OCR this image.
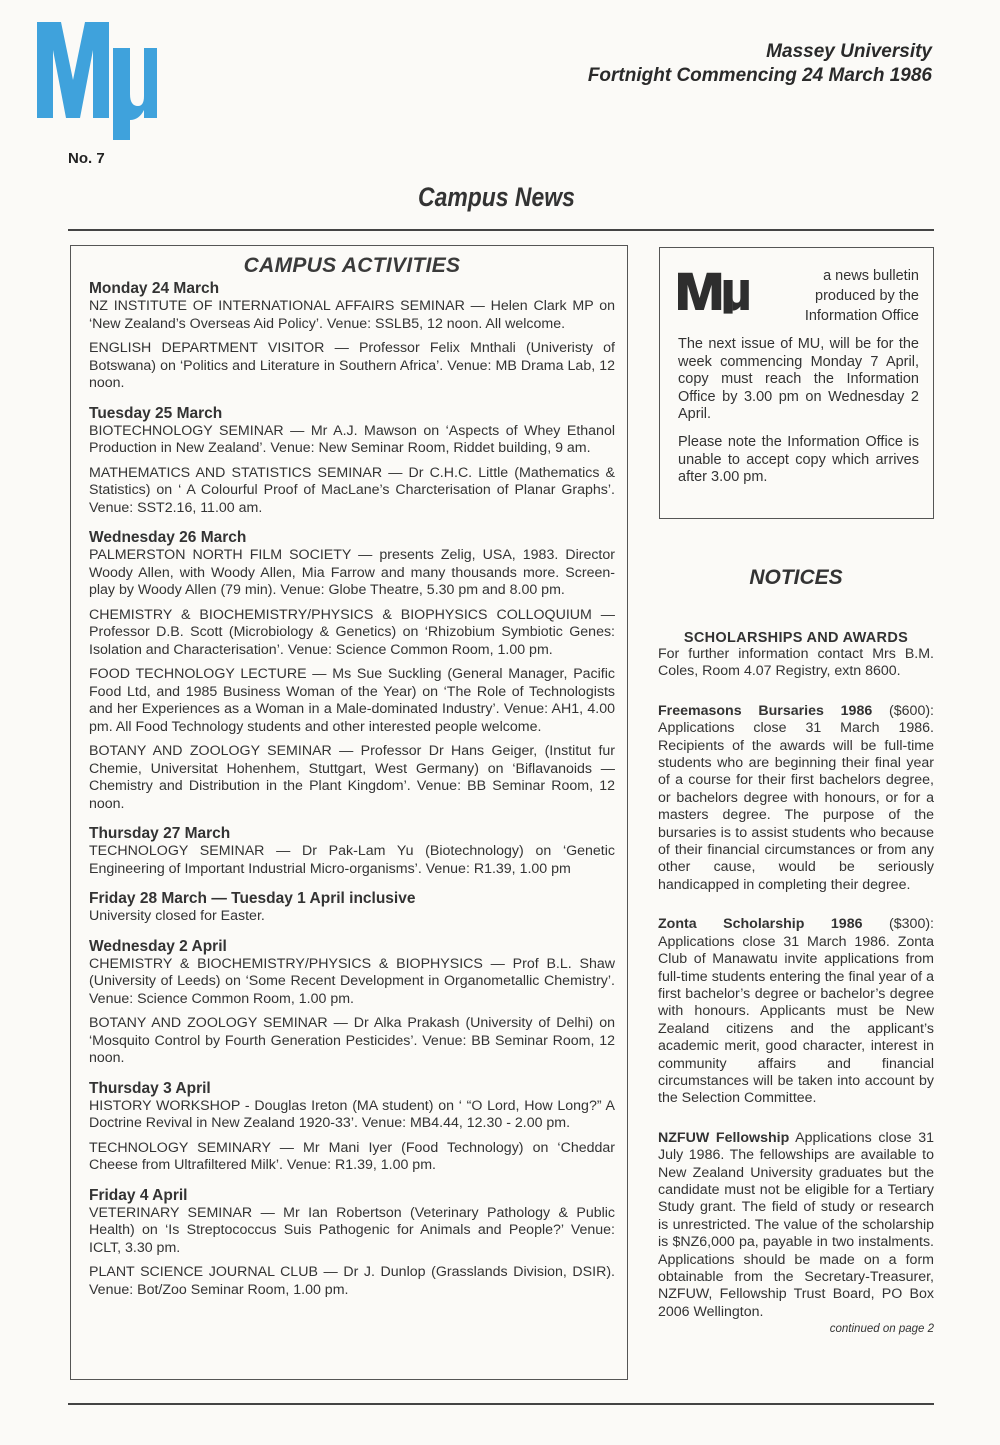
No. 7
Massey University
Fortnight Commencing 24 March 1986
Campus News
CAMPUS ACTIVITIES
Monday 24 March
NZ INSTITUTE OF INTERNATIONAL AFFAIRS SEMINAR — Helen Clark MP on ‘New Zealand’s Overseas Aid Policy’. Venue: SSLB5, 12 noon. All welcome.
ENGLISH DEPARTMENT VISITOR — Professor Felix Mnthali (Univeristy of Botswana) on ‘Politics and Literature in Southern Africa’. Venue: MB Drama Lab, 12 noon.
Tuesday 25 March
BIOTECHNOLOGY SEMINAR — Mr A.J. Mawson on ‘Aspects of Whey Ethanol Production in New Zealand’. Venue: New Seminar Room, Riddet building, 9 am.
MATHEMATICS AND STATISTICS SEMINAR — Dr C.H.C. Little (Mathematics & Statistics) on ‘ A Colourful Proof of MacLane’s Charcterisation of Planar Graphs’. Venue: SST2.16, 11.00 am.
Wednesday 26 March
PALMERSTON NORTH FILM SOCIETY — presents Zelig, USA, 1983. Director Woody Allen, with Woody Allen, Mia Farrow and many thousands more. Screen-play by Woody Allen (79 min). Venue: Globe Theatre, 5.30 pm and 8.00 pm.
CHEMISTRY & BIOCHEMISTRY/PHYSICS & BIOPHYSICS COLLOQUIUM — Professor D.B. Scott (Microbiology & Genetics) on ‘Rhizobium Symbiotic Genes: Isolation and Characterisation’. Venue: Science Common Room, 1.00 pm.
FOOD TECHNOLOGY LECTURE — Ms Sue Suckling (General Manager, Pacific Food Ltd, and 1985 Business Woman of the Year) on ‘The Role of Technologists and her Experiences as a Woman in a Male-dominated Industry’. Venue: AH1, 4.00 pm. All Food Technology students and other interested people welcome.
BOTANY AND ZOOLOGY SEMINAR — Professor Dr Hans Geiger, (Institut fur Chemie, Universitat Hohenhem, Stuttgart, West Germany) on ‘Biflavanoids — Chemistry and Distribution in the Plant Kingdom’. Venue: BB Seminar Room, 12 noon.
Thursday 27 March
TECHNOLOGY SEMINAR — Dr Pak-Lam Yu (Biotechnology) on ‘Genetic Engineering of Important Industrial Micro-organisms’. Venue: R1.39, 1.00 pm
Friday 28 March — Tuesday 1 April inclusive
University closed for Easter.
Wednesday 2 April
CHEMISTRY & BIOCHEMISTRY/PHYSICS & BIOPHYSICS — Prof B.L. Shaw (University of Leeds) on ‘Some Recent Development in Organometallic Chemistry’. Venue: Science Common Room, 1.00 pm.
BOTANY AND ZOOLOGY SEMINAR — Dr Alka Prakash (University of Delhi) on ‘Mosquito Control by Fourth Generation Pesticides’. Venue: BB Seminar Room, 12 noon.
Thursday 3 April
HISTORY WORKSHOP - Douglas Ireton (MA student) on ‘ “O Lord, How Long?” A Doctrine Revival in New Zealand 1920-33’. Venue: MB4.44, 12.30 - 2.00 pm.
TECHNOLOGY SEMINARY — Mr Mani Iyer (Food Technology) on ‘Cheddar Cheese from Ultrafiltered Milk’. Venue: R1.39, 1.00 pm.
Friday 4 April
VETERINARY SEMINAR — Mr Ian Robertson (Veterinary Pathology & Public Health) on ‘Is Streptococcus Suis Pathogenic for Animals and People?’ Venue: ICLT, 3.30 pm.
PLANT SCIENCE JOURNAL CLUB — Dr J. Dunlop (Grasslands Division, DSIR). Venue: Bot/Zoo Seminar Room, 1.00 pm.
a news bulletin
produced by the
Information Office
The next issue of MU, will be for the week commencing Monday 7 April, copy must reach the Information Office by 3.00 pm on Wednesday 2 April.
Please note the Information Office is unable to accept copy which arrives after 3.00 pm.
NOTICES
SCHOLARSHIPS AND AWARDS
For further information contact Mrs B.M. Coles, Room 4.07 Registry, extn 8600.
Freemasons Bursaries 1986 ($600): Applications close 31 March 1986. Recipients of the awards will be full-time students who are beginning their final year of a course for their first bachelors degree, or bachelors degree with honours, or for a masters degree. The purpose of the bursaries is to assist students who because of their financial circumstances or from any other cause, would be seriously handicapped in completing their degree.
Zonta Scholarship 1986 ($300): Applications close 31 March 1986. Zonta Club of Manawatu invite applications from full-time students entering the final year of a first bachelor’s degree or bachelor’s degree with honours. Applicants must be New Zealand citizens and the applicant’s academic merit, good character, interest in community affairs and financial circumstances will be taken into account by the Selection Committee.
NZFUW Fellowship Applications close 31 July 1986. The fellowships are available to New Zealand University graduates but the candidate must not be eligible for a Tertiary Study grant. The field of study or research is unrestricted. The value of the scholarship is $NZ6,000 pa, payable in two instalments. Applications should be made on a form obtainable from the Secretary-Treasurer, NZFUW, Fellowship Trust Board, PO Box 2006 Wellington.
continued on page 2
